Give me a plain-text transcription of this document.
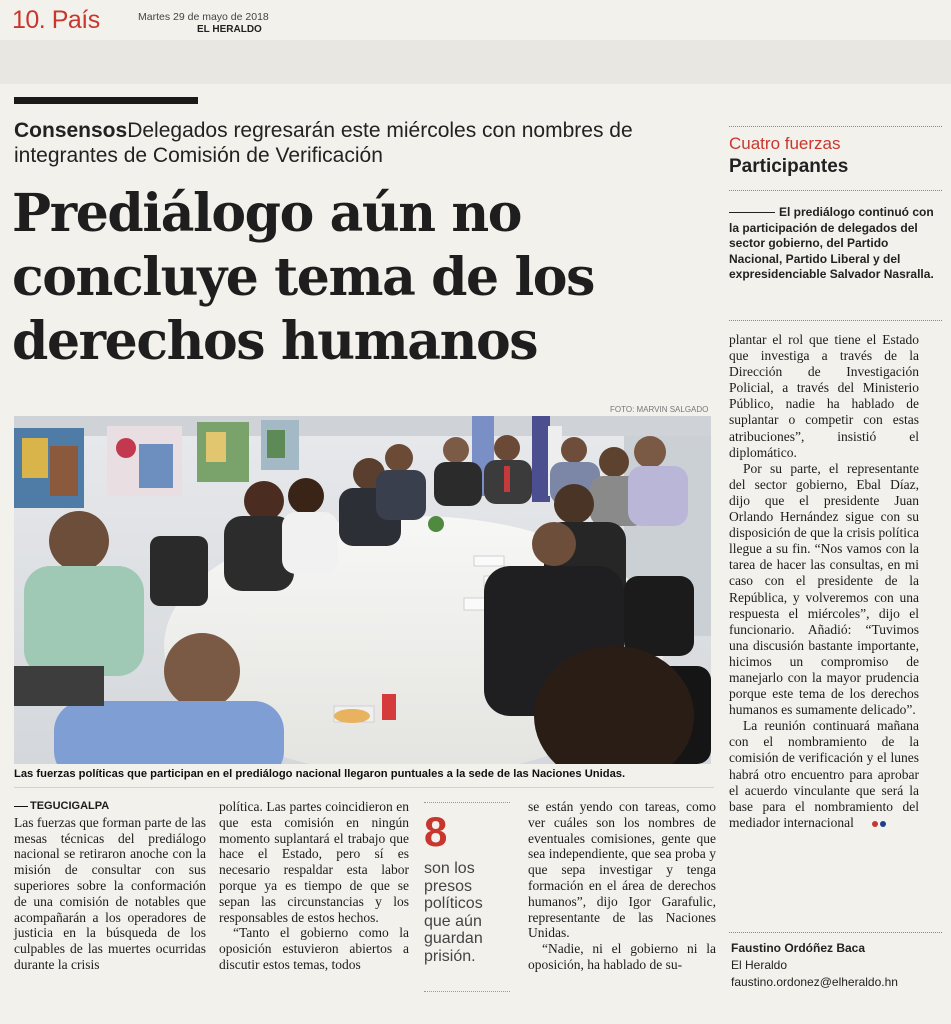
10. País	Martes 29 de mayo de 2018
EL HERALDO
ConsensosDelegados regresarán este miércoles con nombres de integrantes de Comisión de Verificación
Prediálogo aún no
concluye tema de los
derechos humanos
FOTO: MARVIN SALGADO
Las fuerzas políticas que participan en el prediálogo nacional llegaron puntuales a la sede de las Naciones Unidas.
TEGUCIGALPA

Las fuerzas que forman parte de las mesas técnicas del prediálogo nacional se retiraron anoche con la misión de consultar con sus superiores sobre la conformación de una comisión de notables que acompañarán a los operadores de justicia en la búsqueda de los culpables de las muertes ocurridas durante la crisis

política. Las partes coincidieron en que esta comisión en ningún momento suplantará el trabajo que hace el Estado, pero sí es necesario respaldar esta labor porque ya es tiempo de que se sepan las circunstancias y los responsables de estos hechos.

“Tanto el gobierno como la oposición estuvieron abiertos a discutir estos temas, todos

8
son los presos políticos que aún guardan prisión.

se están yendo con tareas, como ver cuáles son los nombres de eventuales comisiones, gente que sea independiente, que sea proba y que sepa investigar y tenga formación en el área de derechos humanos”, dijo Igor Garafulic, representante de las Naciones Unidas.

“Nadie, ni el gobierno ni la oposición, ha hablado de su-

Cuatro fuerzas
Participantes
El prediálogo continuó con la participación de delegados del sector gobierno, del Partido Nacional, Partido Liberal y del expresidenciable Salvador Nasralla.

plantar el rol que tiene el Estado que investiga a través de la Dirección de Investigación Policial, a través del Ministerio Público, nadie ha hablado de suplantar o competir con estas atribuciones”, insistió el diplomático.

Por su parte, el representante del sector gobierno, Ebal Díaz, dijo que el presidente Juan Orlando Hernández sigue con su disposición de que la crisis política llegue a su fin. “Nos vamos con la tarea de hacer las consultas, en mi caso con el presidente de la República, y volveremos con una respuesta el miércoles”, dijo el funcionario. Añadió: “Tuvimos una discusión bastante importante, hicimos un compromiso de manejarlo con la mayor prudencia porque este tema de los derechos humanos es sumamente delicado”.

La reunión continuará mañana con el nombramiento de la comisión de verificación y el lunes habrá otro encuentro para aprobar el acuerdo vinculante que será la base para el nombramiento del mediador internacional

Faustino Ordóñez Baca
El Heraldo
faustino.ordonez@elheraldo.hn
